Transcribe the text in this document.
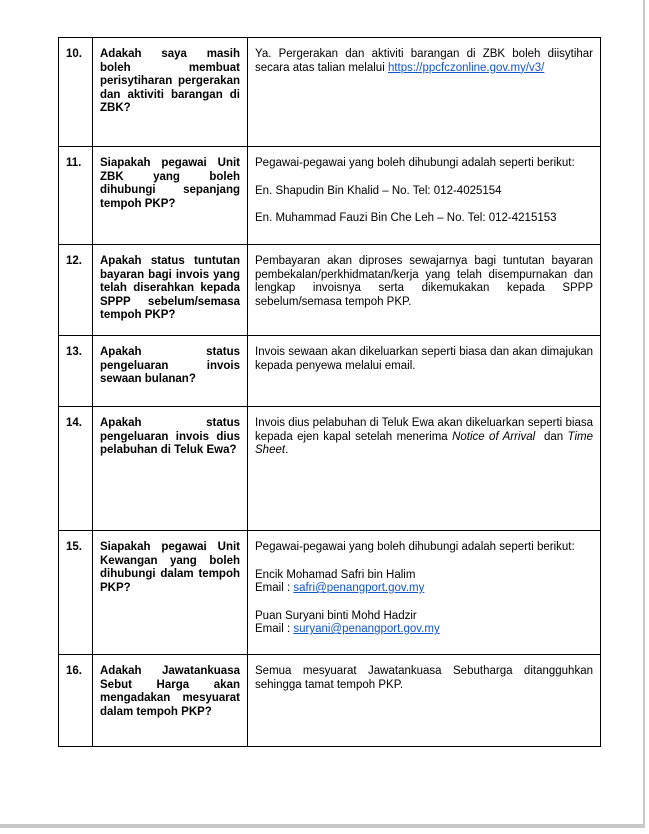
10.	Adakah saya masih boleh membuat perisytiharan pergerakan dan aktiviti barangan di ZBK?	Ya. Pergerakan dan aktiviti barangan di ZBK boleh diisytihar secara atas talian melalui https://ppcfczonline.gov.my/v3/
11.	Siapakah pegawai Unit ZBK yang boleh dihubungi sepanjang tempoh PKP?	Pegawai-pegawai yang boleh dihubungi adalah seperti berikut:
En. Shapudin Bin Khalid – No. Tel: 012-4025154
En. Muhammad Fauzi Bin Che Leh – No. Tel: 012-4215153

12.	Apakah status tuntutan bayaran bagi invois yang telah diserahkan kepada SPPP sebelum/semasa tempoh PKP?	Pembayaran akan diproses sewajarnya bagi tuntutan bayaran pembekalan/perkhidmatan/kerja yang telah disempurnakan dan lengkap invoisnya serta dikemukakan kepada SPPP sebelum/semasa tempoh PKP.
13.	Apakah status pengeluaran invois sewaan bulanan?	Invois sewaan akan dikeluarkan seperti biasa dan akan dimajukan kepada penyewa melalui email.
14.	Apakah status pengeluaran invois dius pelabuhan di Teluk Ewa?	Invois dius pelabuhan di Teluk Ewa akan dikeluarkan seperti biasa kepada ejen kapal setelah menerima Notice of Arrival  dan Time Sheet.
15.	Siapakah pegawai Unit Kewangan yang boleh dihubungi dalam tempoh PKP?	Pegawai-pegawai yang boleh dihubungi adalah seperti berikut:
Encik Mohamad Safri bin Halim
Email : safri@penangport.gov.my
Puan Suryani binti Mohd Hadzir
Email : suryani@penangport.gov.my

16.	Adakah Jawatankuasa Sebut Harga akan mengadakan mesyuarat dalam tempoh PKP?	Semua mesyuarat Jawatankuasa Sebutharga ditangguhkan sehingga tamat tempoh PKP.
